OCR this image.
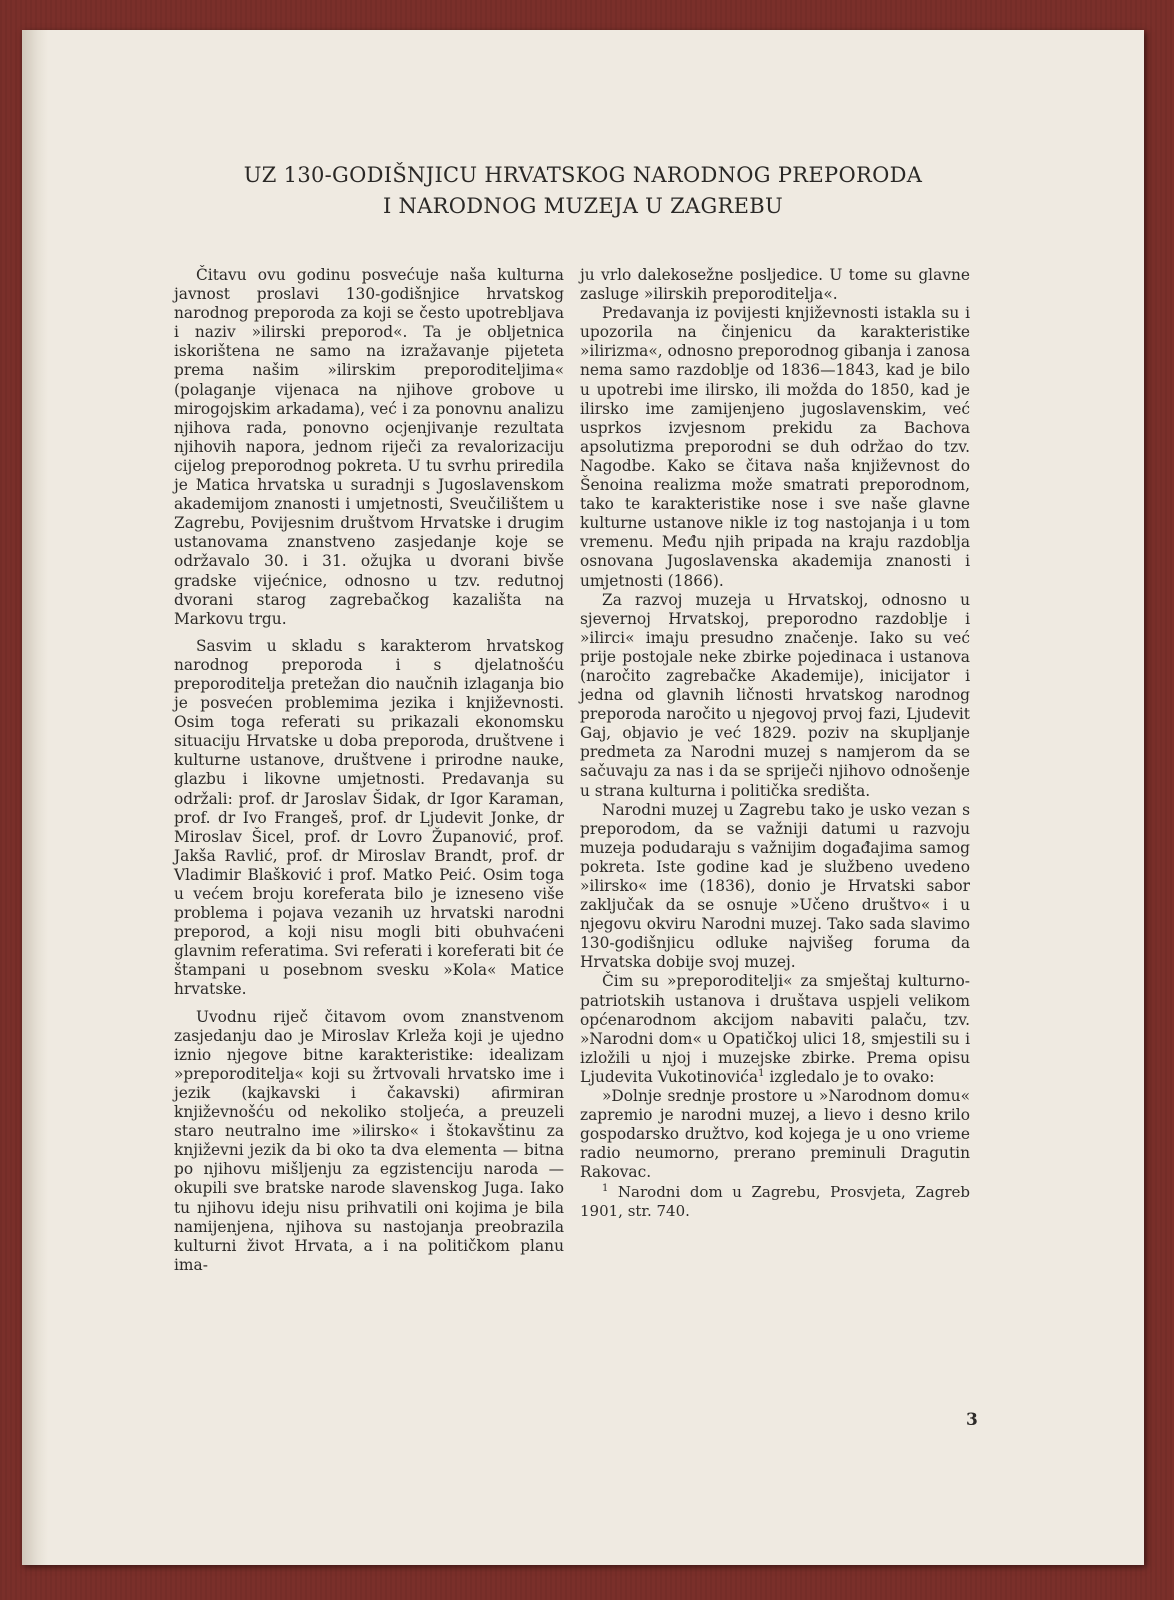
UZ 130-GODIŠNJICU HRVATSKOG NARODNOG PREPORODA
I NARODNOG MUZEJA U ZAGREBU

Čitavu ovu godinu posvećuje naša kulturna javnost proslavi 130-godišnjice hrvatskog narodnog preporoda za koji se često upotrebljava i naziv »ilirski preporod«. Ta je obljetnica iskorištena ne samo na izražavanje pijeteta prema našim »ilirskim preporoditeljima« (polaganje vijenaca na njihove grobove u mirogojskim arkadama), već i za ponovnu analizu njihova rada, ponovno ocjenjivanje rezultata njihovih napora, jednom riječi za revalorizaciju cijelog preporodnog pokreta. U tu svrhu priredila je Matica hrvatska u suradnji s Jugoslavenskom akademijom znanosti i umjetnosti, Sveučilištem u Zagrebu, Povijesnim društvom Hrvatske i drugim ustanovama znanstveno zasjedanje koje se održavalo 30. i 31. ožujka u dvorani bivše gradske vijećnice, odnosno u tzv. redutnoj dvorani starog zagrebačkog kazališta na Markovu trgu.

Sasvim u skladu s karakterom hrvatskog narodnog preporoda i s djelatnošću preporoditelja pretežan dio naučnih izlaganja bio je posvećen problemima jezika i književnosti. Osim toga referati su prikazali ekonomsku situaciju Hrvatske u doba preporoda, društvene i kulturne ustanove, društvene i prirodne nauke, glazbu i likovne umjetnosti. Predavanja su održali: prof. dr Jaroslav Šidak, dr Igor Karaman, prof. dr Ivo Frangeš, prof. dr Ljudevit Jonke, dr Miroslav Šicel, prof. dr Lovro Županović, prof. Jakša Ravlić, prof. dr Miroslav Brandt, prof. dr Vladimir Blašković i prof. Matko Peić. Osim toga u većem broju koreferata bilo je izneseno više problema i pojava vezanih uz hrvatski narodni preporod, a koji nisu mogli biti obuhvaćeni glavnim referatima. Svi referati i koreferati bit će štampani u posebnom svesku »Kola« Matice hrvatske.

Uvodnu riječ čitavom ovom znanstvenom zasjedanju dao je Miroslav Krleža koji je ujedno iznio njegove bitne karakteristike: idealizam »preporoditelja« koji su žrtvovali hrvatsko ime i jezik (kajkavski i čakavski) afirmiran književnošću od nekoliko stoljeća, a preuzeli staro neutralno ime »ilirsko« i štokavštinu za književni jezik da bi oko ta dva elementa — bitna po njihovu mišljenju za egzistenciju naroda — okupili sve bratske narode slavenskog Juga. Iako tu njihovu ideju nisu prihvatili oni kojima je bila namijenjena, njihova su nastojanja preobrazila kulturni život Hrvata, a i na političkom planu ima-

ju vrlo dalekosežne posljedice. U tome su glavne zasluge »ilirskih preporoditelja«.

Predavanja iz povijesti književnosti istakla su i upozorila na činjenicu da karakteristike »ilirizma«, odnosno preporodnog gibanja i zanosa nema samo razdoblje od 1836—1843, kad je bilo u upotrebi ime ilirsko, ili možda do 1850, kad je ilirsko ime zamijenjeno jugoslavenskim, već usprkos izvjesnom prekidu za Bachova apsolutizma preporodni se duh održao do tzv. Nagodbe. Kako se čitava naša književnost do Šenoina realizma može smatrati preporodnom, tako te karakteristike nose i sve naše glavne kulturne ustanove nikle iz tog nastojanja i u tom vremenu. Među njih pripada na kraju razdoblja osnovana Jugoslavenska akademija znanosti i umjetnosti (1866).

Za razvoj muzeja u Hrvatskoj, odnosno u sjevernoj Hrvatskoj, preporodno razdoblje i »ilirci« imaju presudno značenje. Iako su već prije postojale neke zbirke pojedinaca i ustanova (naročito zagrebačke Akademije), inicijator i jedna od glavnih ličnosti hrvatskog narodnog preporoda naročito u njegovoj prvoj fazi, Ljudevit Gaj, objavio je već 1829. poziv na skupljanje predmeta za Narodni muzej s namjerom da se sačuvaju za nas i da se spriječi njihovo odnošenje u strana kulturna i politička središta.

Narodni muzej u Zagrebu tako je usko vezan s preporodom, da se važniji datumi u razvoju muzeja podudaraju s važnijim događajima samog pokreta. Iste godine kad je službeno uvedeno »ilirsko« ime (1836), donio je Hrvatski sabor zaključak da se osnuje »Učeno društvo« i u njegovu okviru Narodni muzej. Tako sada slavimo 130-godišnjicu odluke najvišeg foruma da Hrvatska dobije svoj muzej.

Čim su »preporoditelji« za smještaj kulturno-patriotskih ustanova i društava uspjeli velikom općenarodnom akcijom nabaviti palaču, tzv. »Narodni dom« u Opatičkoj ulici 18, smjestili su i izložili u njoj i muzejske zbirke. Prema opisu Ljudevita Vukotinovića$^1$ izgledalo je to ovako:

»Dolnje srednje prostore u »Narodnom domu« zapremio je narodni muzej, a lievo i desno krilo gospodarsko družtvo, kod kojega je u ono vrieme radio neumorno, prerano preminuli Dragutin Rakovac.

$^1$ Narodni dom u Zagrebu, Prosvjeta, Zagreb 1901, str. 740.

3
